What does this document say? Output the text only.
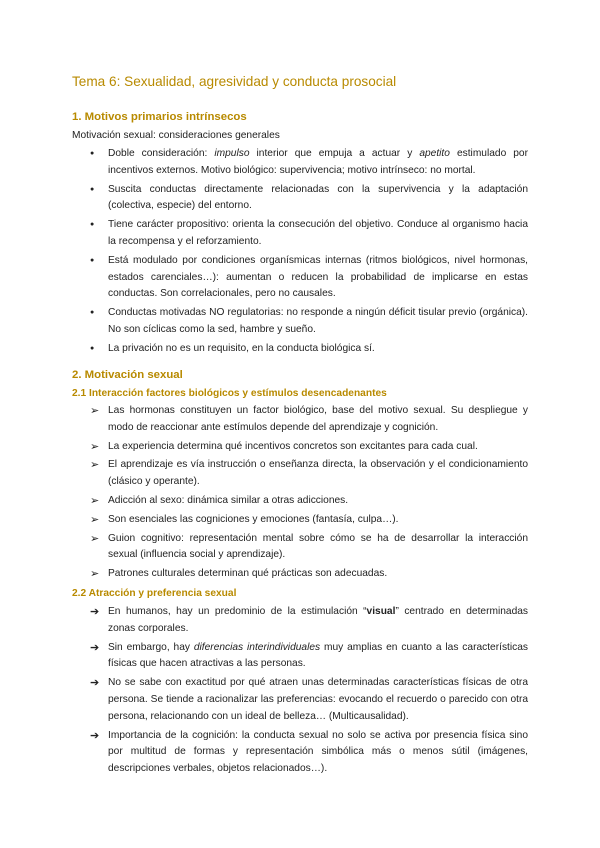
Tema 6: Sexualidad, agresividad y conducta prosocial
1. Motivos primarios intrínsecos
Motivación sexual: consideraciones generales
●
Doble consideración: impulso interior que empuja a actuar y apetito estimulado por incentivos externos. Motivo biológico: supervivencia; motivo intrínseco: no mortal.
●
Suscita conductas directamente relacionadas con la supervivencia y la adaptación (colectiva, especie) del entorno.
●
Tiene carácter propositivo: orienta la consecución del objetivo. Conduce al organismo hacia la recompensa y el reforzamiento.
●
Está modulado por condiciones organísmicas internas (ritmos biológicos, nivel hormonas, estados carenciales…): aumentan o reducen la probabilidad de implicarse en estas conductas. Son correlacionales, pero no causales.
●
Conductas motivadas NO regulatorias: no responde a ningún déficit tisular previo (orgánica). No son cíclicas como la sed, hambre y sueño.
●
La privación no es un requisito, en la conducta biológica sí.
2. Motivación sexual
2.1 Interacción factores biológicos y estímulos desencadenantes
➢
Las hormonas constituyen un factor biológico, base del motivo sexual. Su despliegue y modo de reaccionar ante estímulos depende del aprendizaje y cognición.
➢
La experiencia determina qué incentivos concretos son excitantes para cada cual.
➢
El aprendizaje es vía instrucción o enseñanza directa, la observación y el condicionamiento (clásico y operante).
➢
Adicción al sexo: dinámica similar a otras adicciones.
➢
Son esenciales las cogniciones y emociones (fantasía, culpa…).
➢
Guion cognitivo: representación mental sobre cómo se ha de desarrollar la interacción sexual (influencia social y aprendizaje).
➢
Patrones culturales determinan qué prácticas son adecuadas.
2.2 Atracción y preferencia sexual
➔
En humanos, hay un predominio de la estimulación “visual” centrado en determinadas zonas corporales.
➔
Sin embargo, hay diferencias interindividuales muy amplias en cuanto a las características físicas que hacen atractivas a las personas.
➔
No se sabe con exactitud por qué atraen unas determinadas características físicas de otra persona. Se tiende a racionalizar las preferencias: evocando el recuerdo o parecido con otra persona, relacionando con un ideal de belleza… (Multicausalidad).
➔
Importancia de la cognición: la conducta sexual no solo se activa por presencia física sino por multitud de formas y representación simbólica más o menos sútil (imágenes, descripciones verbales, objetos relacionados…).
